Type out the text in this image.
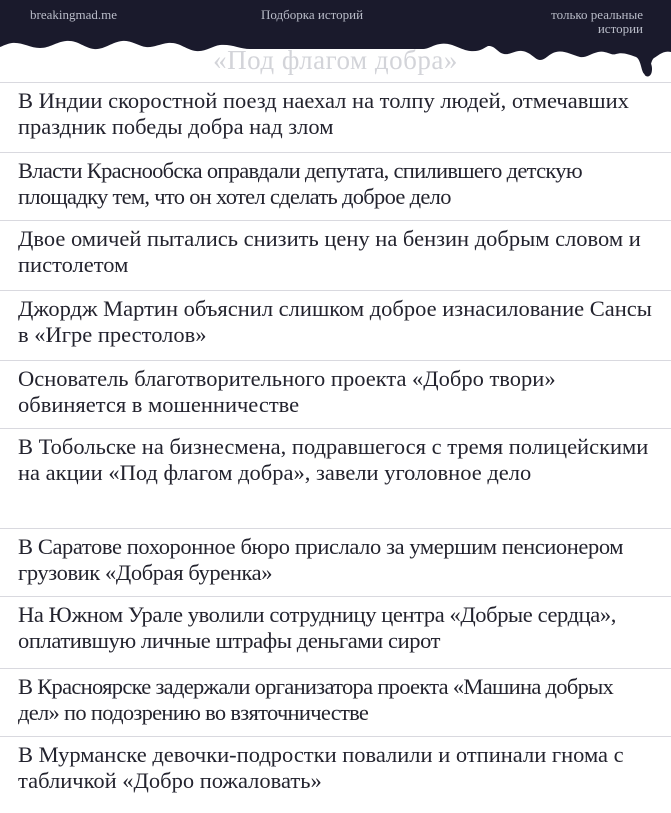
breakingmad.me	Подборка историй	только реальные
истории
«Под флагом добра»
В Индии скоростной поезд наехал на толпу людей, отмечавших праздник победы добра над злом
Власти Краснообска оправдали депутата, спилившего детскую площадку тем, что он хотел сделать доброе дело
Двое омичей пытались снизить цену на бензин добрым словом и пистолетом
Джордж Мартин объяснил слишком доброе изнасилование Сансы в «Игре престолов»
Основатель благотворительного проекта «Добро твори» обвиняется в мошенничестве
В Тобольске на бизнесмена, подравшегося с тремя полицейскими на акции «Под флагом добра», завели уголовное дело
В Саратове похоронное бюро прислало за умершим пенсионером грузовик «Добрая буренка»
На Южном Урале уволили сотрудницу центра «Добрые сердца», оплатившую личные штрафы деньгами сирот
В Красноярске задержали организатора проекта «Машина добрых дел» по подозрению во взяточничестве
В Мурманске девочки-подростки повалили и отпинали гнома с табличкой «Добро пожаловать»
